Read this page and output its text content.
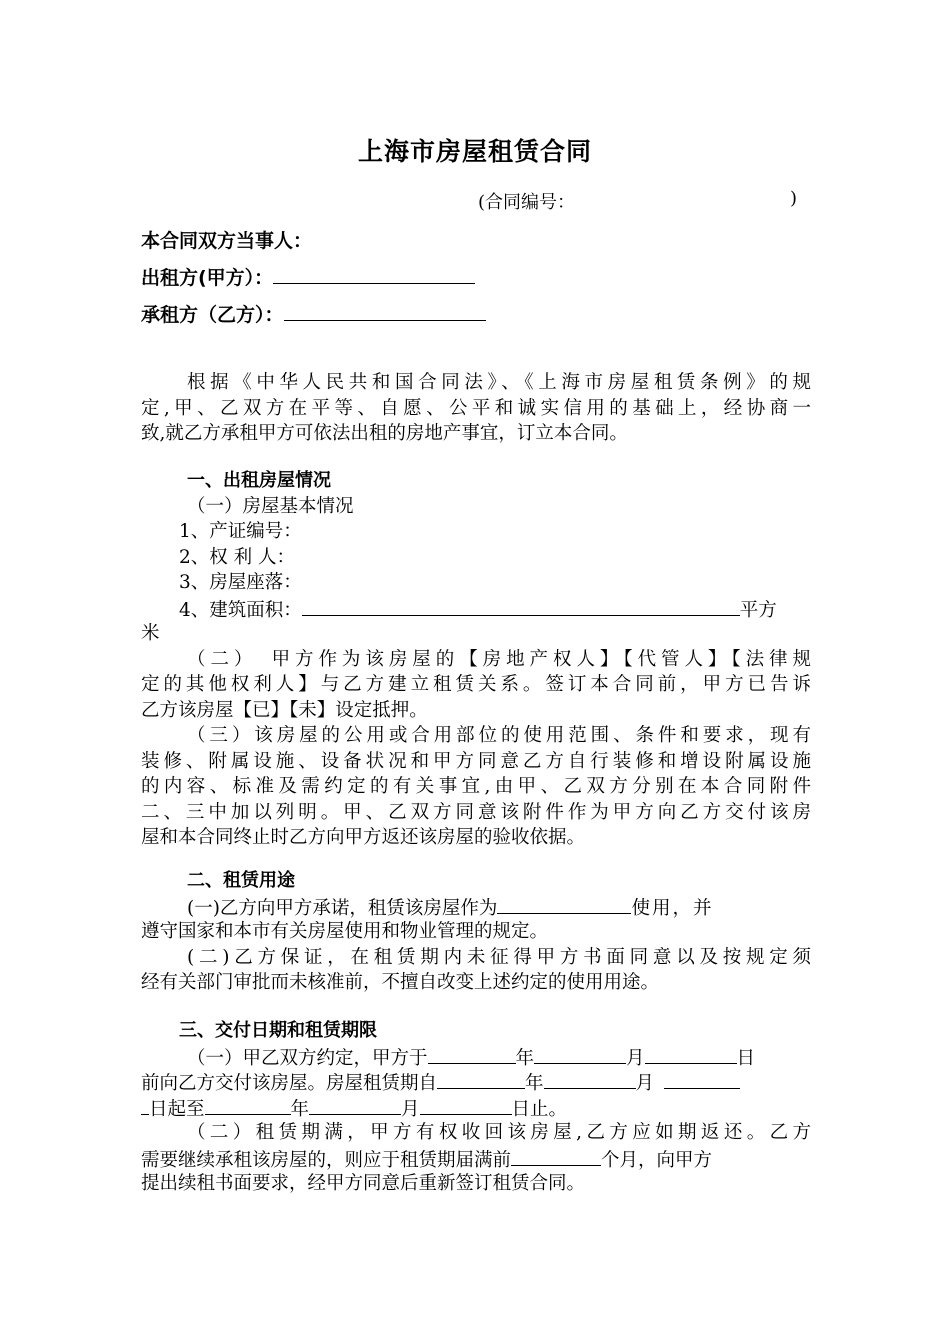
上海市房屋租赁合同
(合同编号：	)
本合同双方当事人：
出租方(甲方）：
承租方（乙方）：
根据《中华人民共和国合同法》、《上海市房屋租赁条例》的规
定,甲、乙双方在平等、自愿、公平和诚实信用的基础上，经协商一
致,就乙方承租甲方可依法出租的房地产事宜，订立本合同。
一、出租房屋情况
（一）房屋基本情况
1、产证编号：
2、权 利 人：
3、房屋座落：
4、建筑面积：	平方
米
（二）　甲方作为该房屋的【房地产权人】【代管人】【法律规
定的其他权利人】与乙方建立租赁关系。签订本合同前，甲方已告诉
乙方该房屋【已】【未】设定抵押。
（三）该房屋的公用或合用部位的使用范围、条件和要求，现有
装修、附属设施、设备状况和甲方同意乙方自行装修和增设附属设施
的内容、标准及需约定的有关事宜,由甲、乙双方分别在本合同附件
二、三中加以列明。甲、乙双方同意该附件作为甲方向乙方交付该房
屋和本合同终止时乙方向甲方返还该房屋的验收依据。
二、租赁用途
(一)乙方向甲方承诺，租赁该房屋作为	使用，并
遵守国家和本市有关房屋使用和物业管理的规定。
(二)乙方保证，在租赁期内未征得甲方书面同意以及按规定须
经有关部门审批而未核准前，不擅自改变上述约定的使用用途。
三、交付日期和租赁期限
（一）甲乙双方约定，甲方于	年	月	日
前向乙方交付该房屋。房屋租赁期自	年	月
日起至	年	月	日止。
（二）租赁期满，甲方有权收回该房屋,乙方应如期返还。乙方
需要继续承租该房屋的，则应于租赁期届满前	个月，向甲方
提出续租书面要求，经甲方同意后重新签订租赁合同。
